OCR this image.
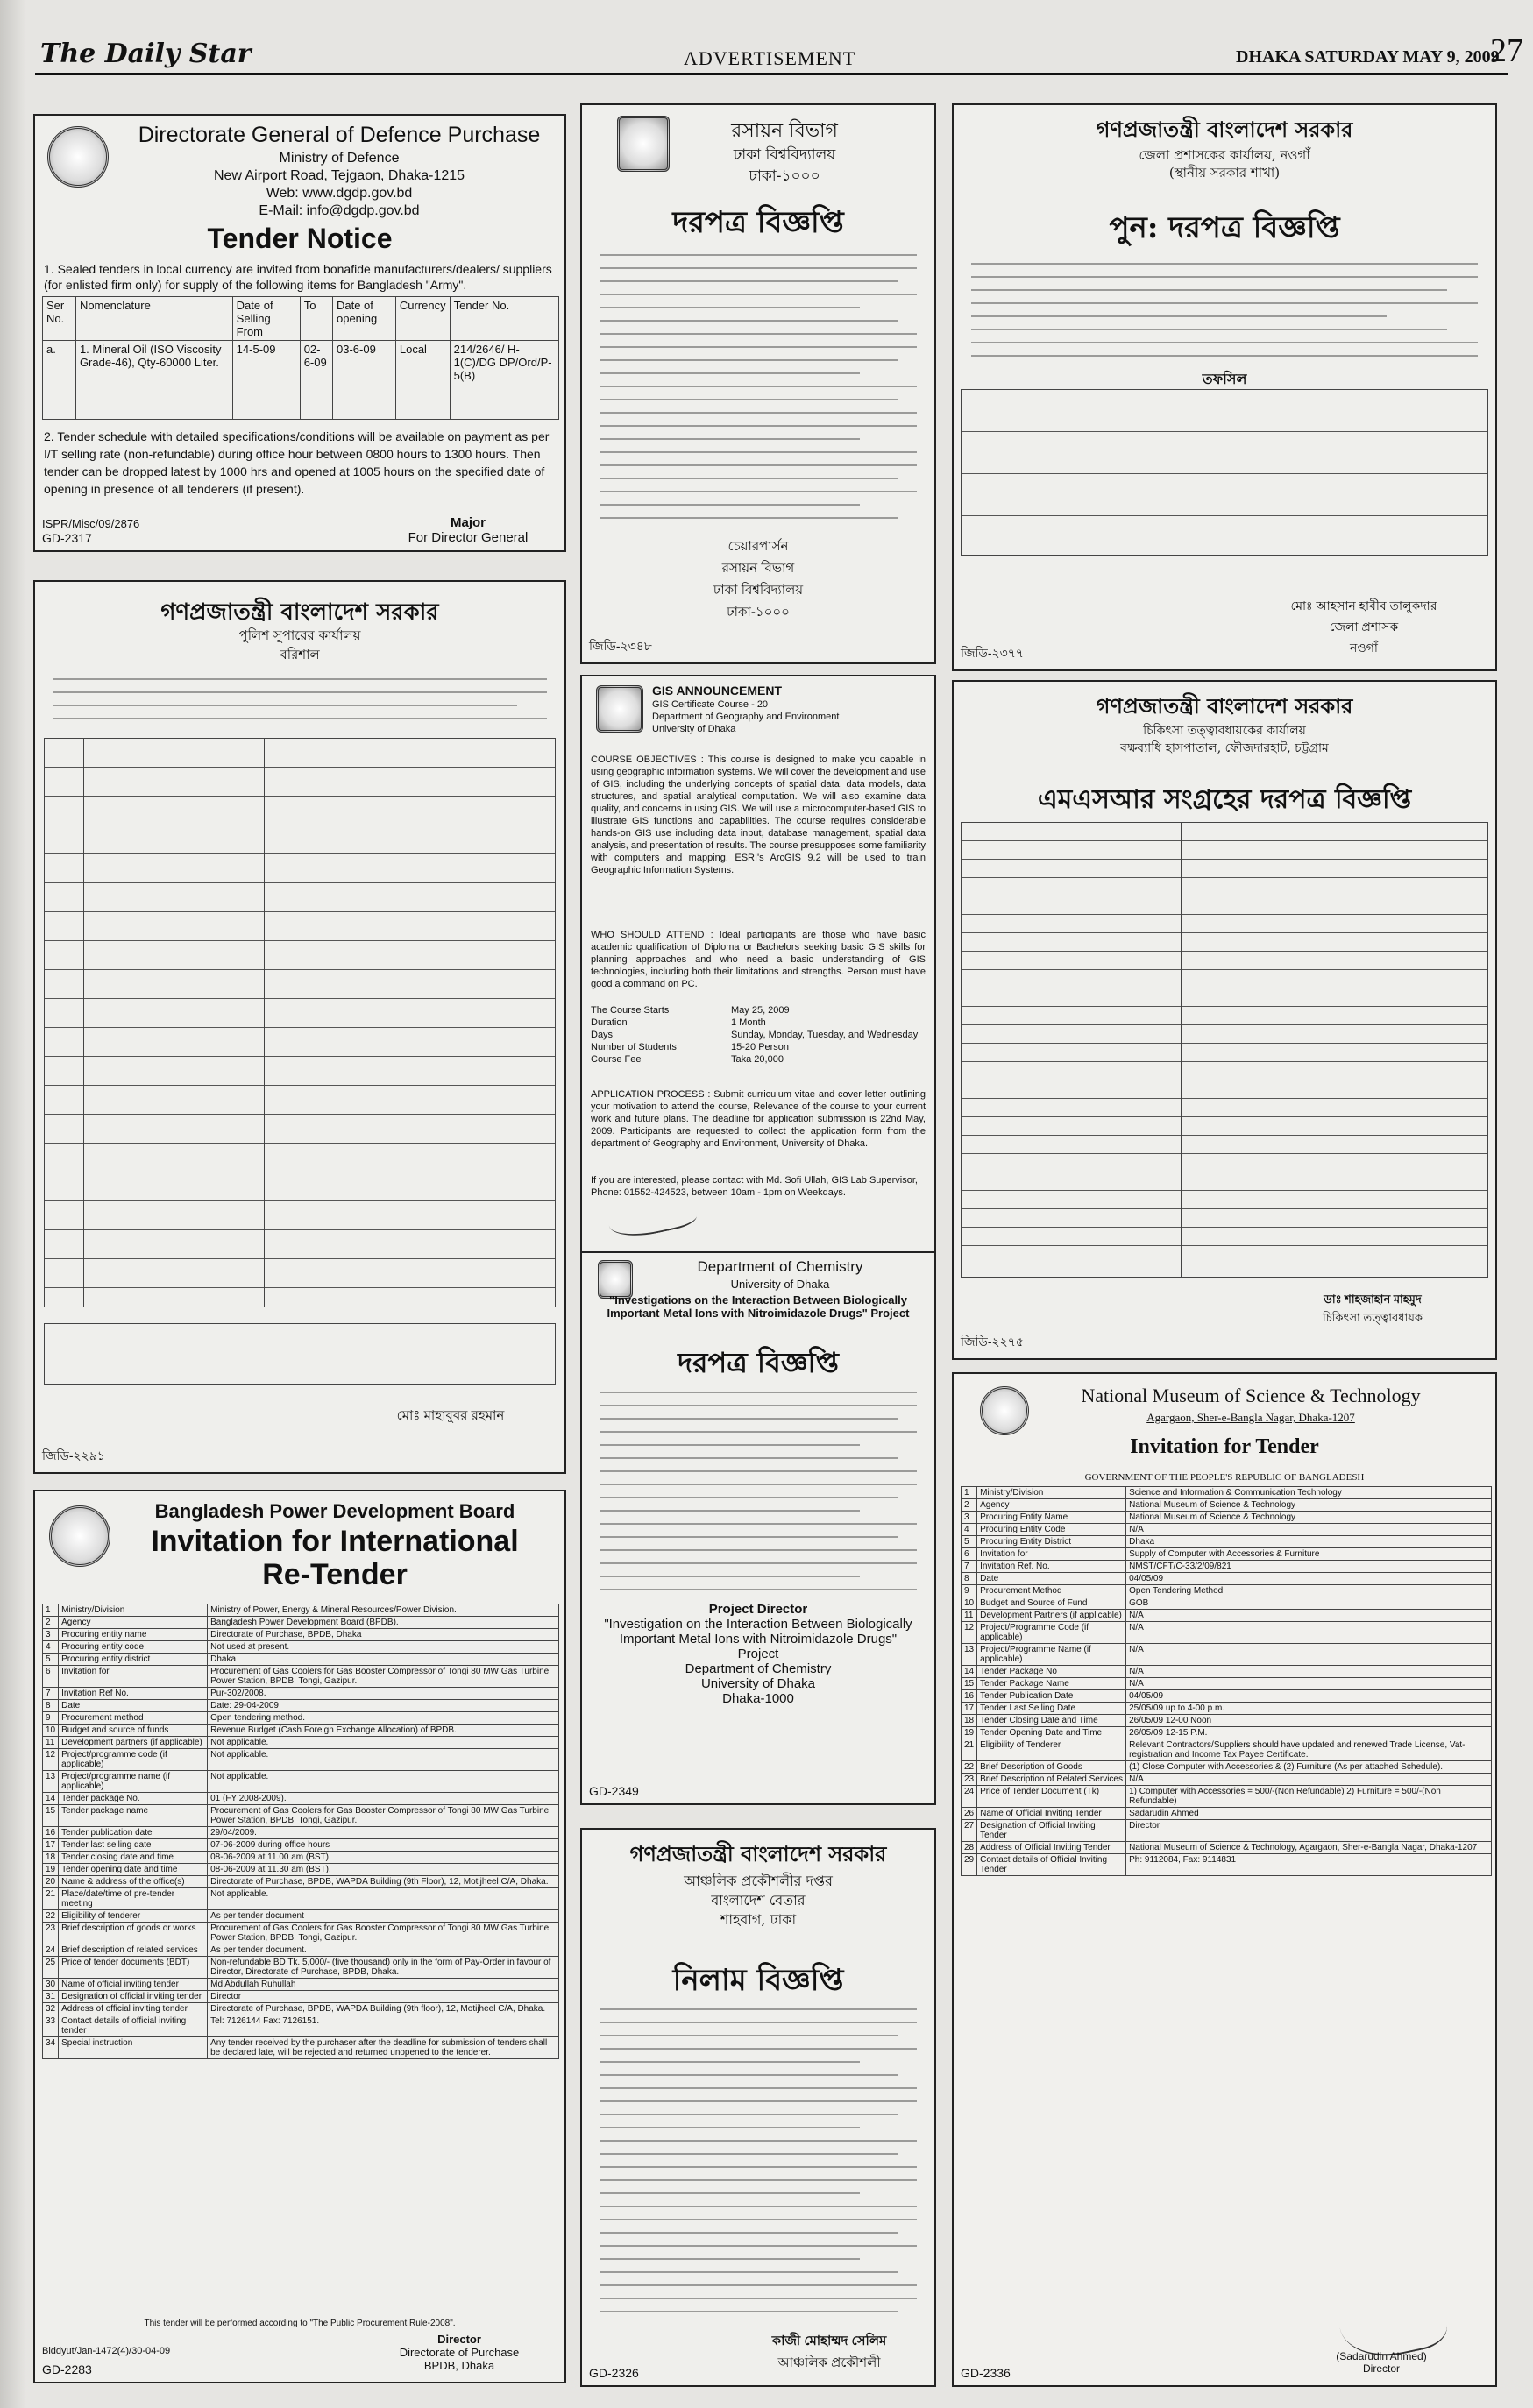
The Daily Star	ADVERTISEMENT	DHAKA SATURDAY MAY 9, 2009
27
Directorate General of Defence Purchase
Ministry of Defence
New Airport Road, Tejgaon, Dhaka-1215
Web: www.dgdp.gov.bd
E-Mail: info@dgdp.gov.bd
Tender Notice
1. Sealed tenders in local currency are invited from bonafide manufacturers/dealers/ suppliers (for enlisted firm only) for supply of the following items for Bangladesh "Army".
Ser No.	Nomenclature	Date of Selling From	To	Date of opening	Currency	Tender No.
a.	1. Mineral Oil (ISO Viscosity Grade-46), Qty-60000 Liter.	14-5-09	02-6-09	03-6-09	Local	214/2646/ H-1(C)/DG DP/Ord/P-5(B)
2. Tender schedule with detailed specifications/conditions will be available on payment as per I/T selling rate (non-refundable) during office hour between 0800 hours to 1300 hours. Then tender can be dropped latest by 1000 hrs and opened at 1005 hours on the specified date of opening in presence of all tenderers (if present).
ISPR/Misc/09/2876
GD-2317
Major
For Director General
গণপ্রজাতন্ত্রী বাংলাদেশ সরকার
পুলিশ সুপারের কার্যালয়
বরিশাল
মোঃ মাহাবুবর রহমান
জিডি-২২৯১
Bangladesh Power Development Board
Invitation for International
Re-Tender
1	Ministry/Division	Ministry of Power, Energy & Mineral Resources/Power Division.
2	Agency	Bangladesh Power Development Board (BPDB).
3	Procuring entity name	Directorate of Purchase, BPDB, Dhaka
4	Procuring entity code	Not used at present.
5	Procuring entity district	Dhaka
6	Invitation for	Procurement of Gas Coolers for Gas Booster Compressor of Tongi 80 MW Gas Turbine Power Station, BPDB, Tongi, Gazipur.
7	Invitation Ref No.	Pur-302/2008.
8	Date	Date: 29-04-2009
9	Procurement method	Open tendering method.
10	Budget and source of funds	Revenue Budget (Cash Foreign Exchange Allocation) of BPDB.
11	Development partners (if applicable)	Not applicable.
12	Project/programme code (if applicable)	Not applicable.
13	Project/programme name (if applicable)	Not applicable.
14	Tender package No.	01 (FY 2008-2009).
15	Tender package name	Procurement of Gas Coolers for Gas Booster Compressor of Tongi 80 MW Gas Turbine Power Station, BPDB, Tongi, Gazipur.
16	Tender publication date	29/04/2009.
17	Tender last selling date	07-06-2009 during office hours
18	Tender closing date and time	08-06-2009 at 11.00 am (BST).
19	Tender opening date and time	08-06-2009 at 11.30 am (BST).
20	Name & address of the office(s)	Directorate of Purchase, BPDB, WAPDA Building (9th Floor), 12, Motijheel C/A, Dhaka.
21	Place/date/time of pre-tender meeting	Not applicable.
22	Eligibility of tenderer	As per tender document
23	Brief description of goods or works	Procurement of Gas Coolers for Gas Booster Compressor of Tongi 80 MW Gas Turbine Power Station, BPDB, Tongi, Gazipur.
24	Brief description of related services	As per tender document.
25	Price of tender documents (BDT)	Non-refundable BD Tk. 5,000/- (five thousand) only in the form of Pay-Order in favour of Director, Directorate of Purchase, BPDB, Dhaka.
30	Name of official inviting tender	Md Abdullah Ruhullah
31	Designation of official inviting tender	Director
32	Address of official inviting tender	Directorate of Purchase, BPDB, WAPDA Building (9th floor), 12, Motijheel C/A, Dhaka.
33	Contact details of official inviting tender	Tel: 7126144 Fax: 7126151.
34	Special instruction	Any tender received by the purchaser after the deadline for submission of tenders shall be declared late, will be rejected and returned unopened to the tenderer.
This tender will be performed according to "The Public Procurement Rule-2008".
Biddyut/Jan-1472(4)/30-04-09
Director
Directorate of Purchase
BPDB, Dhaka
GD-2283
রসায়ন বিভাগ
ঢাকা বিশ্ববিদ্যালয়
ঢাকা-১০০০
দরপত্র বিজ্ঞপ্তি
চেয়ারপার্সন
রসায়ন বিভাগ
ঢাকা বিশ্ববিদ্যালয়
ঢাকা-১০০০
জিডি-২৩৪৮
GIS ANNOUNCEMENT
GIS Certificate Course - 20
Department of Geography and Environment
University of Dhaka
COURSE OBJECTIVES : This course is designed to make you capable in using geographic information systems. We will cover the development and use of GIS, including the underlying concepts of spatial data, data models, data structures, and spatial analytical computation. We will also examine data quality, and concerns in using GIS. We will use a microcomputer-based GIS to illustrate GIS functions and capabilities. The course requires considerable hands-on GIS use including data input, database management, spatial data analysis, and presentation of results. The course presupposes some familiarity with computers and mapping. ESRI's ArcGIS 9.2 will be used to train Geographic Information Systems.
WHO SHOULD ATTEND : Ideal participants are those who have basic academic qualification of Diploma or Bachelors seeking basic GIS skills for planning approaches and who need a basic understanding of GIS technologies, including both their limitations and strengths. Person must have good a command on PC.
The Course Starts	May 25, 2009
Duration	1 Month
Days	Sunday, Monday, Tuesday, and Wednesday
Number of Students	15-20 Person
Course Fee	Taka 20,000
APPLICATION PROCESS : Submit curriculum vitae and cover letter outlining your motivation to attend the course, Relevance of the course to your current work and future plans. The deadline for application submission is 22nd May, 2009. Participants are requested to collect the application form from the department of Geography and Environment, University of Dhaka.
If you are interested, please contact with Md. Sofi Ullah, GIS Lab Supervisor, Phone: 01552-424523, between 10am - 1pm on Weekdays.
Department of Chemistry
University of Dhaka
"Investigations on the Interaction Between Biologically Important Metal Ions with Nitroimidazole Drugs" Project
দরপত্র বিজ্ঞপ্তি
Project Director
"Investigation on the Interaction Between Biologically Important Metal Ions with Nitroimidazole Drugs" Project
Department of Chemistry
University of Dhaka
Dhaka-1000
GD-2349
গণপ্রজাতন্ত্রী বাংলাদেশ সরকার
আঞ্চলিক প্রকৌশলীর দপ্তর
বাংলাদেশ বেতার
শাহবাগ, ঢাকা
নিলাম বিজ্ঞপ্তি
কাজী মোহাম্মদ সেলিম
আঞ্চলিক প্রকৌশলী
GD-2326
গণপ্রজাতন্ত্রী বাংলাদেশ সরকার
জেলা প্রশাসকের কার্যালয়, নওগাঁ
(স্থানীয় সরকার শাখা)
পুন: দরপত্র বিজ্ঞপ্তি
তফসিল
মোঃ আহসান হাবীব তালুকদার
জেলা প্রশাসক
নওগাঁ
জিডি-২৩৭৭
গণপ্রজাতন্ত্রী বাংলাদেশ সরকার
চিকিৎসা তত্ত্বাবধায়কের কার্যালয়
বক্ষব্যাধি হাসপাতাল, ফৌজদারহাট, চট্টগ্রাম
এমএসআর সংগ্রহের দরপত্র বিজ্ঞপ্তি
ডাঃ শাহজাহান মাহমুদ
চিকিৎসা তত্ত্বাবধায়ক
জিডি-২২৭৫
National Museum of Science & Technology
Agargaon, Sher-e-Bangla Nagar, Dhaka-1207
Invitation for Tender
GOVERNMENT OF THE PEOPLE'S REPUBLIC OF BANGLADESH
1	Ministry/Division	Science and Information & Communication Technology
2	Agency	National Museum of Science & Technology
3	Procuring Entity Name	National Museum of Science & Technology
4	Procuring Entity Code	N/A
5	Procuring Entity District	Dhaka
6	Invitation for	Supply of Computer with Accessories & Furniture
7	Invitation Ref. No.	NMST/CFT/C-33/2/09/821
8	Date	04/05/09
9	Procurement Method	Open Tendering Method
10	Budget and Source of Fund	GOB
11	Development Partners (if applicable)	N/A
12	Project/Programme Code (if applicable)	N/A
13	Project/Programme Name (if applicable)	N/A
14	Tender Package No	N/A
15	Tender Package Name	N/A
16	Tender Publication Date	04/05/09
17	Tender Last Selling Date	25/05/09 up to 4-00 p.m.
18	Tender Closing Date and Time	26/05/09 12-00 Noon
19	Tender Opening Date and Time	26/05/09 12-15 P.M.
21	Eligibility of Tenderer	Relevant Contractors/Suppliers should have updated and renewed Trade License, Vat-registration and Income Tax Payee Certificate.
22	Brief Description of Goods	(1) Close Computer with Accessories & (2) Furniture (As per attached Schedule).
23	Brief Description of Related Services	N/A
24	Price of Tender Document (Tk)	1) Computer with Accessories = 500/-(Non Refundable) 2) Furniture = 500/-(Non Refundable)
26	Name of Official Inviting Tender	Sadarudin Ahmed
27	Designation of Official Inviting Tender	Director
28	Address of Official Inviting Tender	National Museum of Science & Technology, Agargaon, Sher-e-Bangla Nagar, Dhaka-1207
29	Contact details of Official Inviting Tender	Ph: 9112084, Fax: 9114831
(Sadarudin Ahmed)
Director
GD-2336
